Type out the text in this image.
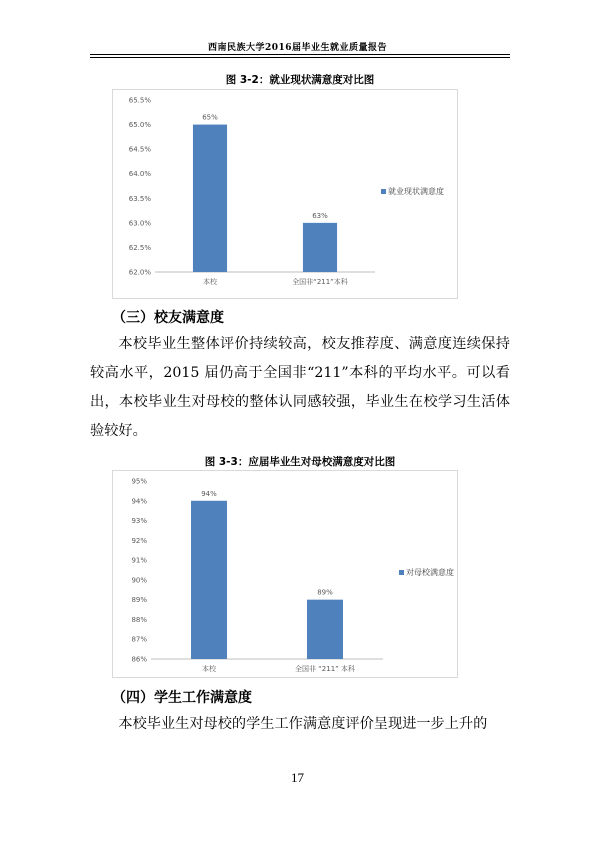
西南民族大学2016届毕业生就业质量报告
图 3-2：就业现状满意度对比图
65.5%
65.0%
64.5%
64.0%
63.5%
63.0%
62.5%
62.0%
65%
本校
63%
全国非“211”本科
就业现状满意度
（三）校友满意度
本校毕业生整体评价持续较高，校友推荐度、满意度连续保持较高水平，2015 届仍高于全国非“211”本科的平均水平。可以看出，本校毕业生对母校的整体认同感较强，毕业生在校学习生活体验较好。
图 3-3：应届毕业生对母校满意度对比图
95%
94%
93%
92%
91%
90%
89%
88%
87%
86%
94%
本校
89%
全国非 “211” 本科
对母校满意度
（四）学生工作满意度
本校毕业生对母校的学生工作满意度评价呈现进一步上升的
17
